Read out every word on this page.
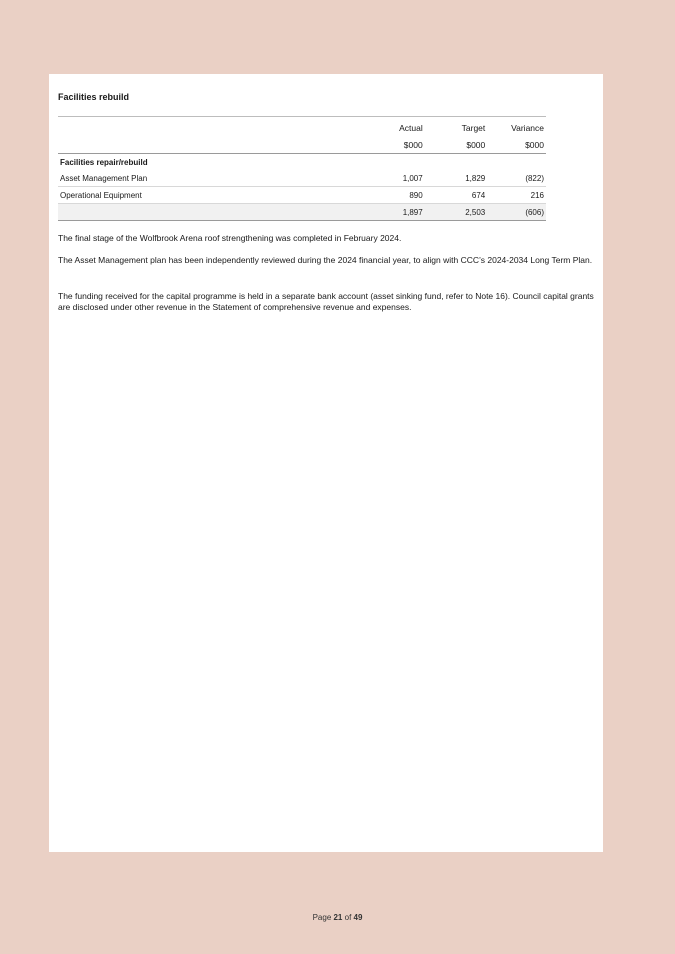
Facilities rebuild
	Actual	Target	Variance
	$000	$000	$000
Facilities repair/rebuild			
Asset Management Plan	1,007	1,829	(822)
Operational Equipment	890	674	216
	1,897	2,503	(606)

The final stage of the Wolfbrook Arena roof strengthening was completed in February 2024.

The Asset Management plan has been independently reviewed during the 2024 financial year, to align with CCC’s 2024-2034 Long Term Plan.

The funding received for the capital programme is held in a separate bank account (asset sinking fund, refer to Note 16). Council capital grants are disclosed under other revenue in the Statement of comprehensive revenue and expenses.

Page 21 of 49
